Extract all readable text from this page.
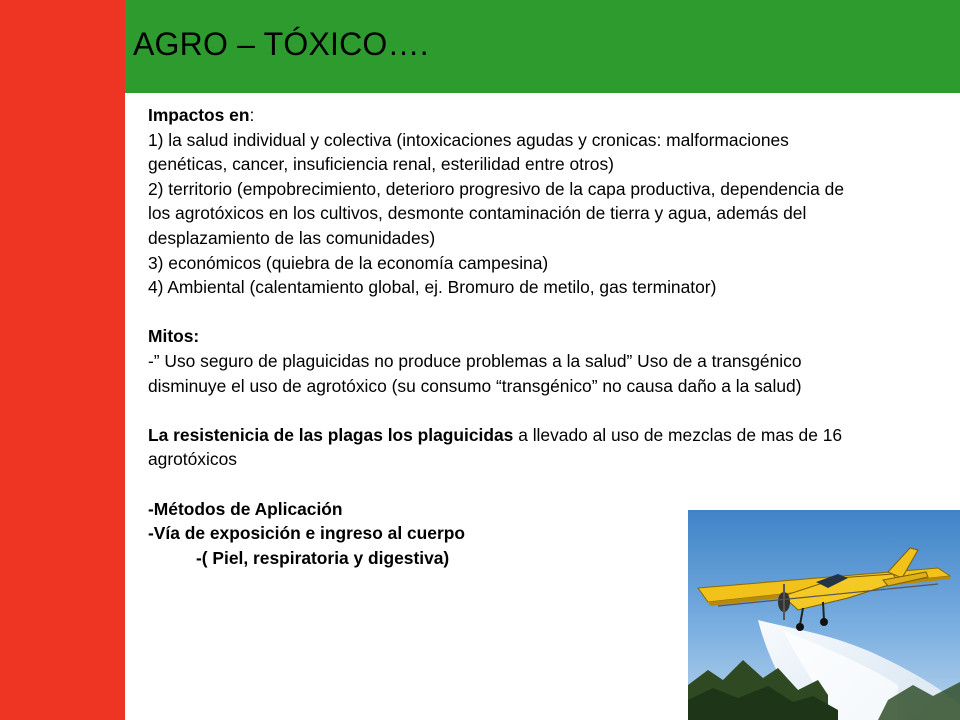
AGRO – TÓXICO….

Impactos en:

1) la salud individual y colectiva (intoxicaciones agudas y cronicas: malformaciones genéticas, cancer, insuficiencia renal, esterilidad entre otros)

2) territorio (empobrecimiento, deterioro progresivo de la capa productiva, dependencia de los agrotóxicos en los cultivos, desmonte contaminación de tierra y agua, además del desplazamiento de las comunidades)

3) económicos (quiebra de la economía campesina)

4) Ambiental (calentamiento global, ej. Bromuro de metilo, gas terminator)

Mitos:

-” Uso seguro de plaguicidas no produce problemas a la salud” Uso de a transgénico disminuye el uso de agrotóxico (su consumo “transgénico” no causa daño a la salud)

La resistenicia de las plagas los plaguicidas a llevado al uso de mezclas de mas de 16 agrotóxicos

-Métodos de Aplicación

-Vía de exposición e ingreso al cuerpo

-( Piel, respiratoria y digestiva)
